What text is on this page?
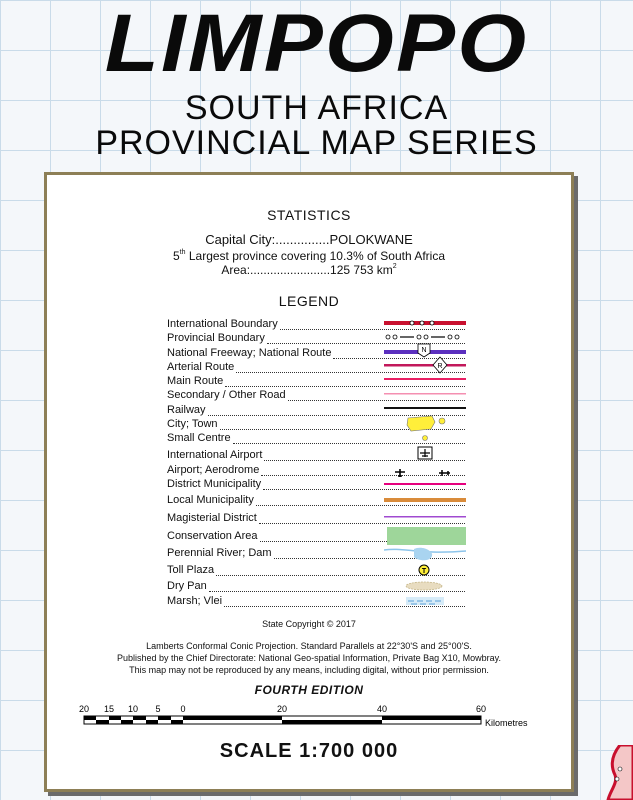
LIMPOPO
SOUTH AFRICA
PROVINCIAL MAP SERIES
STATISTICS
Capital City:...............POLOKWANE
5th Largest province covering 10.3% of South Africa
Area:........................125 753 $km^2$
LEGEND
International Boundary
Provincial Boundary
National Freeway; National Route
Arterial Route
Main Route
Secondary / Other Road
Railway
City; Town
Small Centre
International Airport
Airport; Aerodrome
District Municipality
Local Municipality
Magisterial District
Conservation Area
Perennial River; Dam
Toll Plaza
Dry Pan
Marsh; Vlei
N
R
T
State Copyright © 2017
Lamberts Conformal Conic Projection. Standard Parallels at 22°30'S and 25°00'S.
Published by the Chief Directorate: National Geo-spatial Information, Private Bag X10, Mowbray.
This map may not be reproduced by any means, including digital, without prior permission.
FOURTH EDITION
20 15 10 5 0	20	40	60
Kilometres
SCALE 1:700 000
